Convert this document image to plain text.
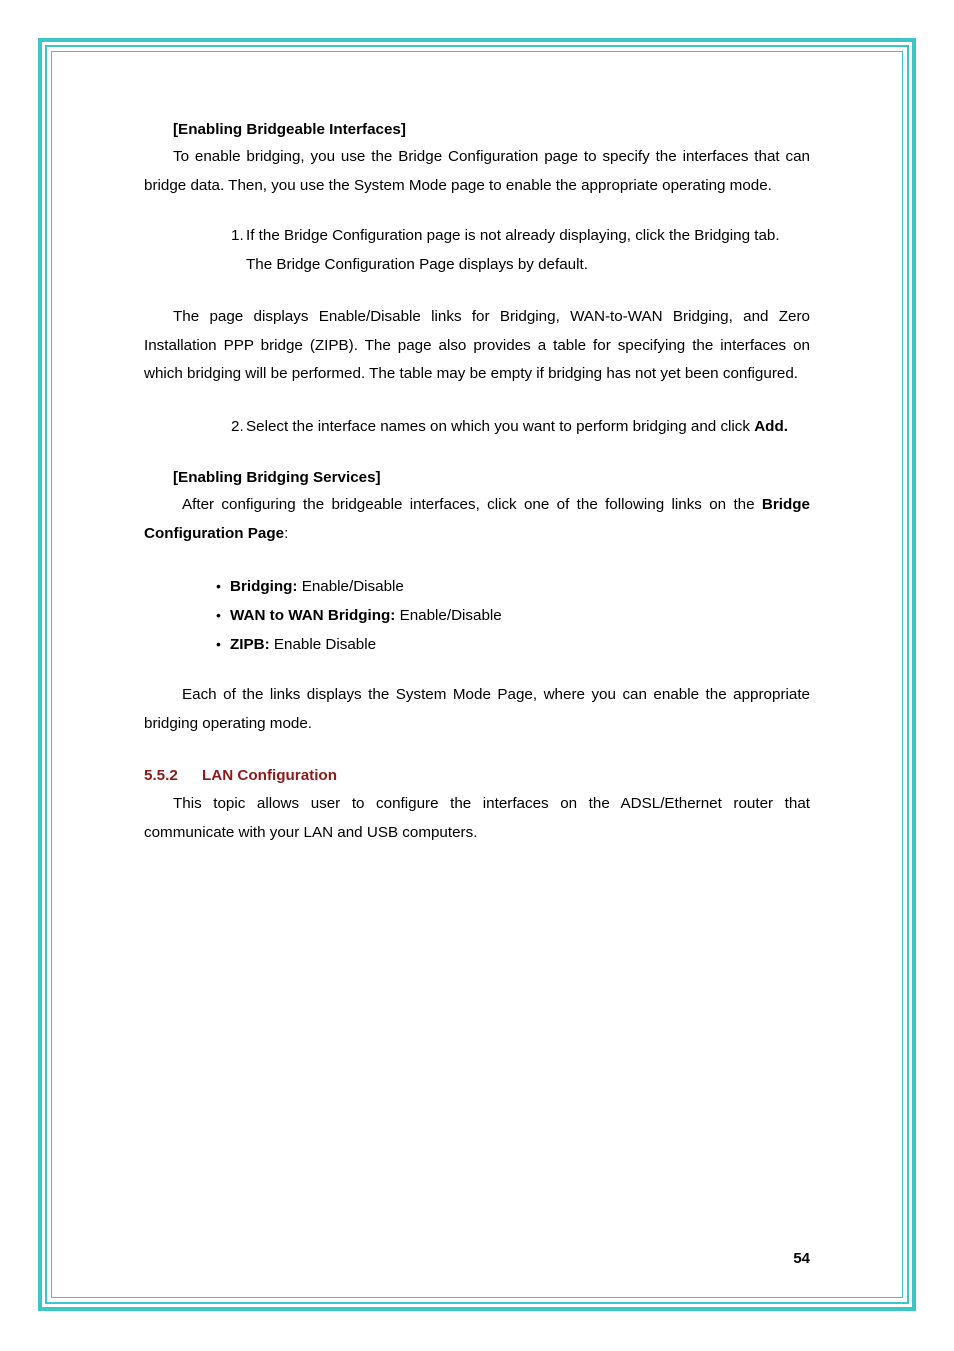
[Enabling Bridgeable Interfaces]

To enable bridging, you use the Bridge Configuration page to specify the interfaces that can bridge data. Then, you use the System Mode page to enable the appropriate operating mode.

1. If the Bridge Configuration page is not already displaying, click the Bridging tab.

The Bridge Configuration Page displays by default.

The page displays Enable/Disable links for Bridging, WAN-to-WAN Bridging, and Zero Installation PPP bridge (ZIPB). The page also provides a table for specifying the interfaces on which bridging will be performed. The table may be empty if bridging has not yet been configured.

2. Select the interface names on which you want to perform bridging and click Add.

[Enabling Bridging Services]

After configuring the bridgeable interfaces, click one of the following links on the Bridge Configuration Page:

• Bridging: Enable/Disable
• WAN to WAN Bridging: Enable/Disable
• ZIPB: Enable Disable

Each of the links displays the System Mode Page, where you can enable the appropriate bridging operating mode.

5.5.2 LAN Configuration

This topic allows user to configure the interfaces on the ADSL/Ethernet router that communicate with your LAN and USB computers.

54
